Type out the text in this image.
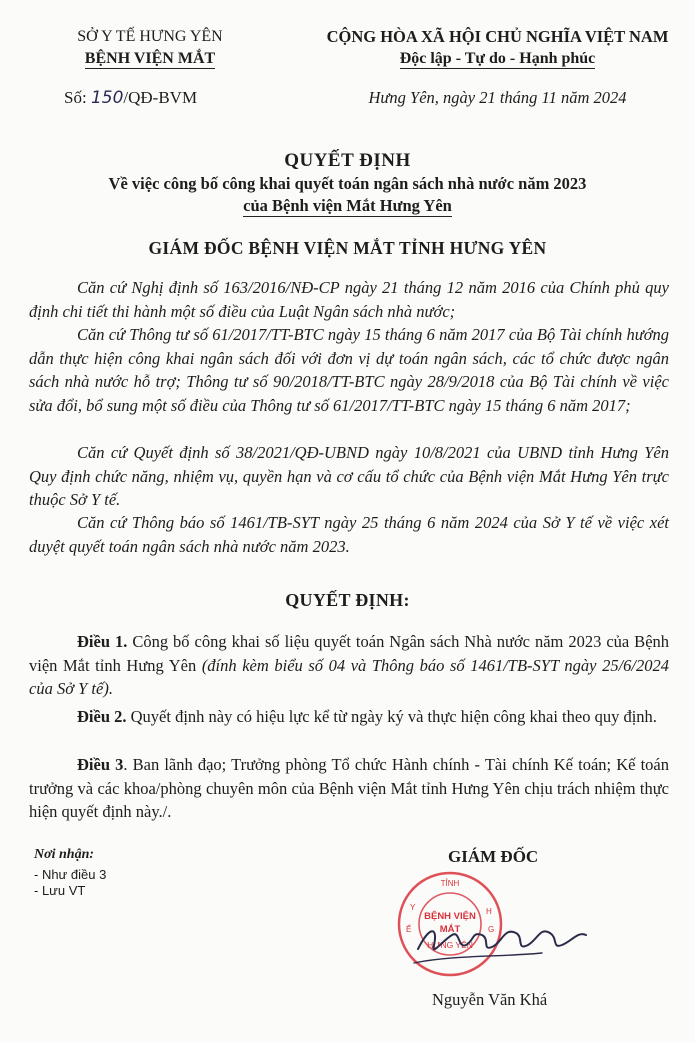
SỞ Y TẾ HƯNG YÊN
BỆNH VIỆN MẮT
Số: 150/QĐ-BVM
CỘNG HÒA XÃ HỘI CHỦ NGHĨA VIỆT NAM
Độc lập - Tự do - Hạnh phúc
Hưng Yên, ngày 21 tháng 11 năm 2024
QUYẾT ĐỊNH
Về việc công bố công khai quyết toán ngân sách nhà nước năm 2023
của Bệnh viện Mắt Hưng Yên
GIÁM ĐỐC BỆNH VIỆN MẮT TỈNH HƯNG YÊN
Căn cứ Nghị định số 163/2016/NĐ-CP ngày 21 tháng 12 năm 2016 của Chính phủ quy định chi tiết thi hành một số điều của Luật Ngân sách nhà nước;
Căn cứ Thông tư số 61/2017/TT-BTC ngày 15 tháng 6 năm 2017 của Bộ Tài chính hướng dẫn thực hiện công khai ngân sách đối với đơn vị dự toán ngân sách, các tổ chức được ngân sách nhà nước hỗ trợ; Thông tư số 90/2018/TT-BTC ngày 28/9/2018 của Bộ Tài chính về việc sửa đổi, bổ sung một số điều của Thông tư số 61/2017/TT-BTC ngày 15 tháng 6 năm 2017;
Căn cứ Quyết định số 38/2021/QĐ-UBND ngày 10/8/2021 của UBND tỉnh Hưng Yên Quy định chức năng, nhiệm vụ, quyền hạn và cơ cấu tổ chức của Bệnh viện Mắt Hưng Yên trực thuộc Sở Y tế.
Căn cứ Thông báo số 1461/TB-SYT ngày 25 tháng 6 năm 2024 của Sở Y tế về việc xét duyệt quyết toán ngân sách nhà nước năm 2023.
QUYẾT ĐỊNH:
Điều 1. Công bố công khai số liệu quyết toán Ngân sách Nhà nước năm 2023 của Bệnh viện Mắt tỉnh Hưng Yên (đính kèm biểu số 04 và Thông báo số 1461/TB-SYT ngày 25/6/2024 của Sở Y tế).
Điều 2. Quyết định này có hiệu lực kể từ ngày ký và thực hiện công khai theo quy định.
Điều 3. Ban lãnh đạo; Trưởng phòng Tổ chức Hành chính - Tài chính Kế toán; Kế toán trưởng và các khoa/phòng chuyên môn của Bệnh viện Mắt tỉnh Hưng Yên chịu trách nhiệm thực hiện quyết định này./.
Nơi nhận:
- Như điều 3
- Lưu VT
GIÁM ĐỐC
TỈNH
BỆNH VIỆN
MẮT
HƯNG YÊN
Y
Ế
H
G
Nguyễn Văn Khá
